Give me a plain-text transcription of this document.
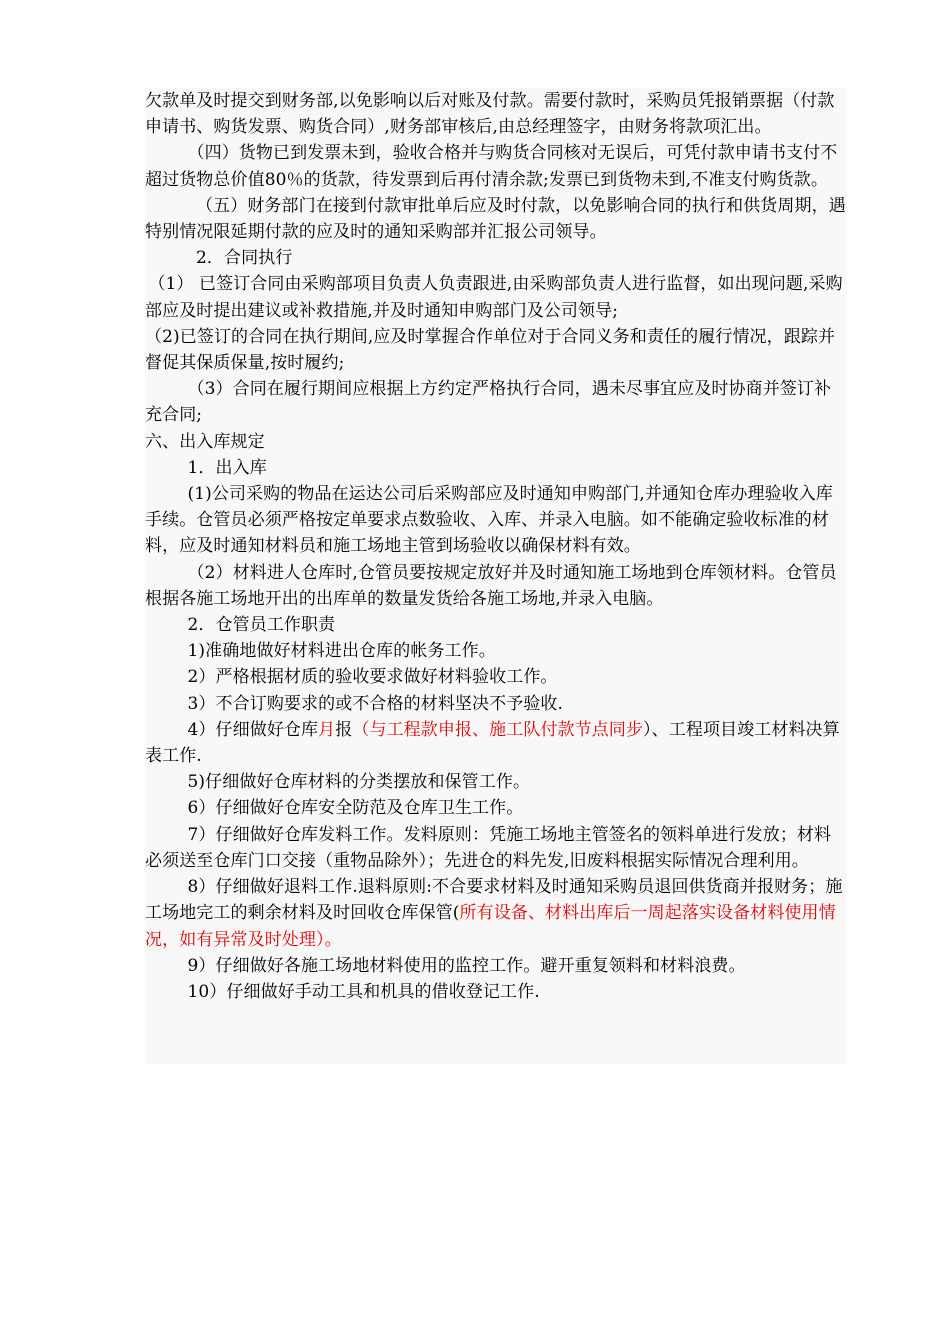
欠款单及时提交到财务部,以免影响以后对账及付款。需要付款时，采购员凭报销票据（付款申请书、购货发票、购货合同）,财务部审核后,由总经理签字，由财务将款项汇出。

（四）货物已到发票未到，验收合格并与购货合同核对无误后，可凭付款申请书支付不超过货物总价值80％的货款，待发票到后再付清余款;发票已到货物未到,不准支付购货款。

（五）财务部门在接到付款审批单后应及时付款，以免影响合同的执行和供货周期，遇特别情况限延期付款的应及时的通知采购部并汇报公司领导。

2．合同执行

（1） 已签订合同由采购部项目负责人负责跟进,由采购部负责人进行监督，如出现问题,采购部应及时提出建议或补救措施,并及时通知申购部门及公司领导;

（2)已签订的合同在执行期间,应及时掌握合作单位对于合同义务和责任的履行情况，跟踪并督促其保质保量,按时履约;

（3）合同在履行期间应根据上方约定严格执行合同，遇未尽事宜应及时协商并签订补充合同;

六、出入库规定

1．出入库

(1)公司采购的物品在运达公司后采购部应及时通知申购部门,并通知仓库办理验收入库手续。仓管员必须严格按定单要求点数验收、入库、并录入电脑。如不能确定验收标准的材料，应及时通知材料员和施工场地主管到场验收以确保材料有效。

（2）材料进人仓库时,仓管员要按规定放好并及时通知施工场地到仓库领材料。仓管员根据各施工场地开出的出库单的数量发货给各施工场地,并录入电脑。

2．仓管员工作职责

1)准确地做好材料进出仓库的帐务工作。

2）严格根据材质的验收要求做好材料验收工作。

3）不合订购要求的或不合格的材料坚决不予验收.

4）仔细做好仓库月报（与工程款申报、施工队付款节点同步）、工程项目竣工材料决算表工作.

5)仔细做好仓库材料的分类摆放和保管工作。

6）仔细做好仓库安全防范及仓库卫生工作。

7）仔细做好仓库发料工作。发料原则：凭施工场地主管签名的领料单进行发放；材料必须送至仓库门口交接（重物品除外）；先进仓的料先发,旧废料根据实际情况合理利用。

8）仔细做好退料工作.退料原则:不合要求材料及时通知采购员退回供货商并报财务；施工场地完工的剩余材料及时回收仓库保管(所有设备、材料出库后一周起落实设备材料使用情况，如有异常及时处理）。

9）仔细做好各施工场地材料使用的监控工作。避开重复领料和材料浪费。

10）仔细做好手动工具和机具的借收登记工作.
